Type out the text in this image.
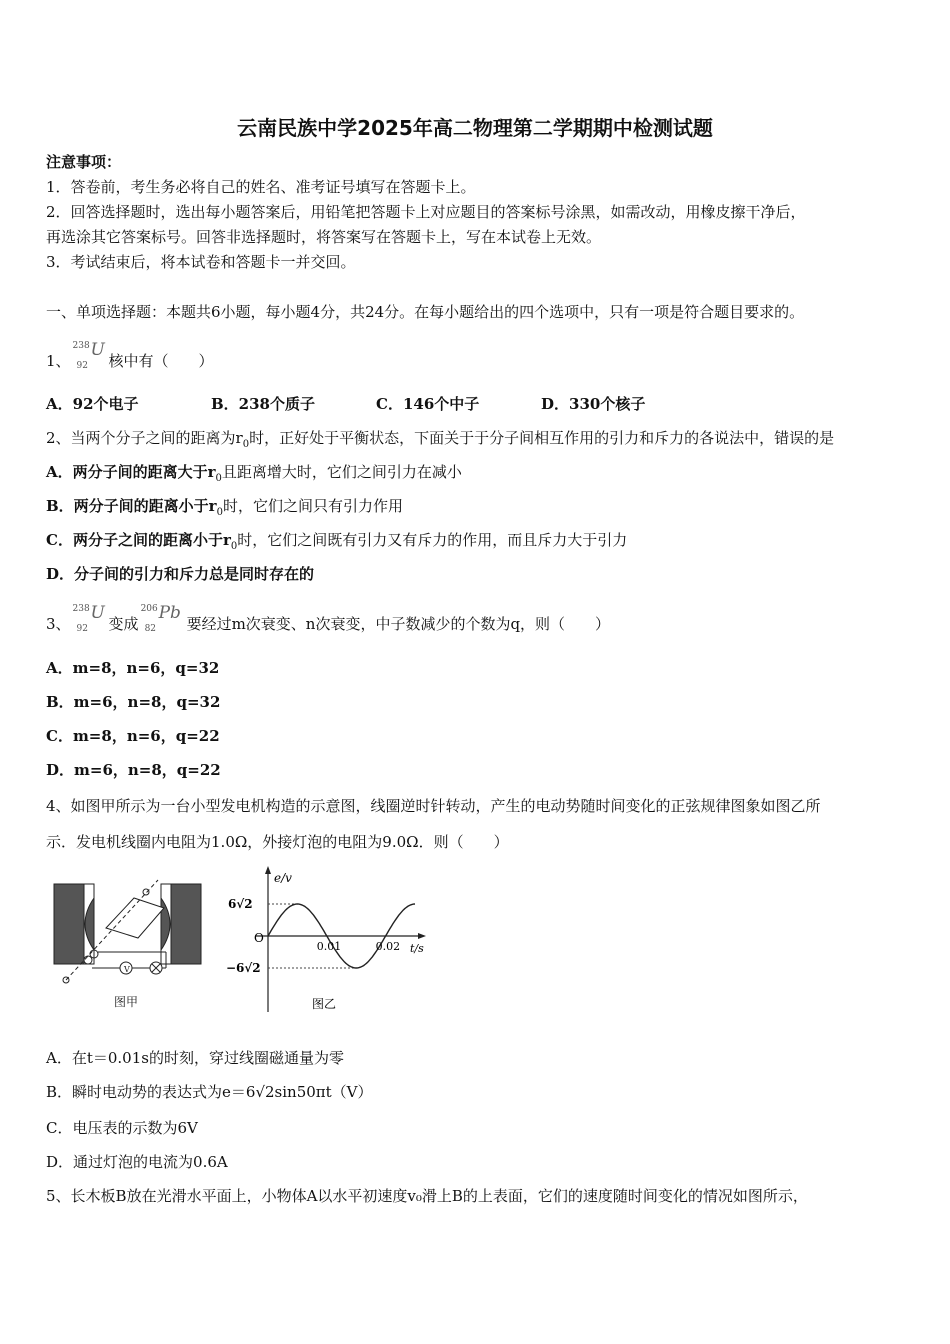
云南民族中学2025年高二物理第二学期期中检测试题
注意事项：
1．答卷前，考生务必将自己的姓名、准考证号填写在答题卡上。
2．回答选择题时，选出每小题答案后，用铅笔把答题卡上对应题目的答案标号涂黑，如需改动，用橡皮擦干净后，
再选涂其它答案标号。回答非选择题时，将答案写在答题卡上，写在本试卷上无效。
3．考试结束后，将本试卷和答题卡一并交回。
一、单项选择题：本题共6小题，每小题4分，共24分。在每小题给出的四个选项中，只有一项是符合题目要求的。
1、
238
92
U
核中有（　　）
A．92个电子	B．238个质子	C．146个中子	D．330个核子
2、当两个分子之间的距离为$r_0$时，正好处于平衡状态，下面关于于分子间相互作用的引力和斥力的各说法中，错误的是
A．两分子间的距离大于$r_0$且距离增大时，它们之间引力在减小
B．两分子间的距离小于$r_0$时，它们之间只有引力作用
C．两分子之间的距离小于$r_0$时，它们之间既有引力又有斥力的作用，而且斥力大于引力
D．分子间的引力和斥力总是同时存在的
3、
238
92
U
变成
206
82
Pb
要经过m次衰变、n次衰变，中子数减少的个数为q，则（　　）
A．m=8，n=6，q=32
B．m=6，n=8，q=32
C．m=8，n=6，q=22
D．m=6，n=8，q=22
4、如图甲所示为一台小型发电机构造的示意图，线圈逆时针转动，产生的电动势随时间变化的正弦规律图象如图乙所
示．发电机线圈内电阻为1.0Ω，外接灯泡的电阻为9.0Ω．则（　　）
V
图甲
e/v
t/s
O
6√2
−6√2
0.01	0.02
图乙
A．在t＝0.01s的时刻，穿过线圈磁通量为零
B．瞬时电动势的表达式为e＝6√2sin50πt（V）
C．电压表的示数为6V
D．通过灯泡的电流为0.6A
5、长木板B放在光滑水平面上，小物体A以水平初速度v₀滑上B的上表面，它们的速度随时间变化的情况如图所示，
